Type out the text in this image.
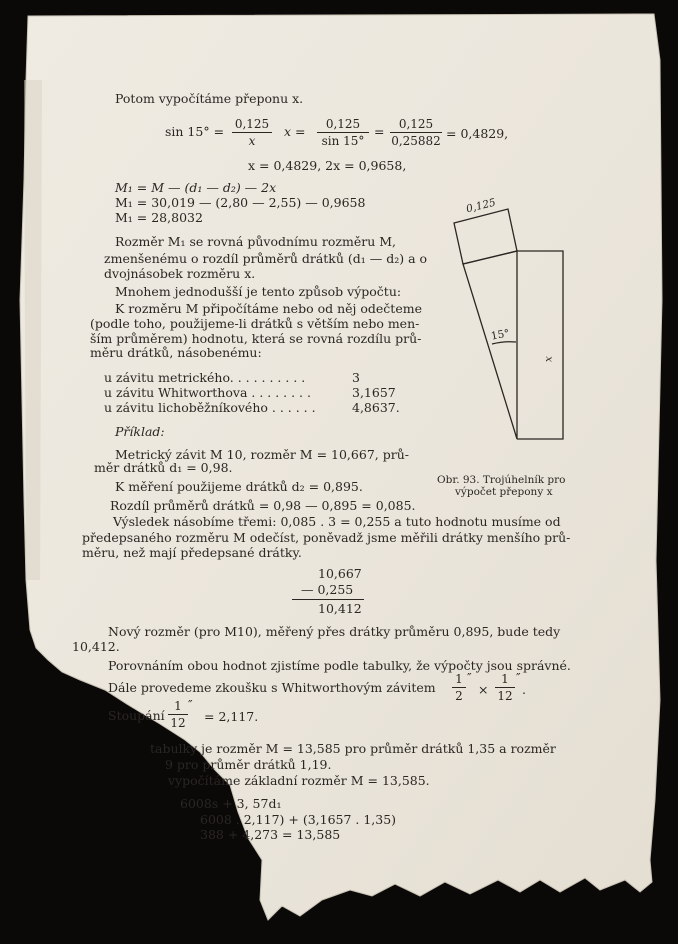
Potom vypočítáme přeponu x.
sin 15° = 0,125
x
x =	0,125
sin 15°
=	0,125
0,25882 = 0,4829,
x = 0,4829, 2x = 0,9658,
M₁ = M — (d₁ — d₂) — 2x
M₁ = 30,019 — (2,80 — 2,55) — 0,9658
M₁ = 28,8032
Rozměr M₁ se rovná původnímu rozměru M,
zmenšenému o rozdíl průměrů drátků (d₁ — d₂) a o
dvojnásobek rozměru x.
Mnohem jednodušší je tento způsob výpočtu:
K rozměru M připočítáme nebo od něj odečteme
(podle toho, použijeme-li drátků s větším nebo men-
ším průměrem) hodnotu, která se rovná rozdílu prů-
měru drátků, násobenému:
u závitu metrického. . . . . . . . . .	3
u závitu Whitworthova . . . . . . . .	3,1657
u závitu lichoběžníkového . . . . . .	4,8637.
Příklad:
Metrický závit M 10, rozměr M = 10,667, prů-
měr drátků d₁ = 0,98.
K měření použijeme drátků d₂ = 0,895.
Rozdíl průměrů drátků = 0,98 — 0,895 = 0,085.
Výsledek násobíme třemi: 0,085 . 3 = 0,255 a tuto hodnotu musíme od
předepsaného rozměru M odečíst, poněvadž jsme měřili drátky menšího prů-
měru, než mají předepsané drátky.
10,667
— 0,255
10,412
Nový rozměr (pro M10), měřený přes drátky průměru 0,895, bude tedy
10,412.
Porovnáním obou hodnot zjistíme podle tabulky, že výpočty jsou správné.
Dále provedeme zkoušku s Whitworthovým závitem
1
2
″
×
1
12
″
.
Stoupání
1
12
″
= 2,117.
tabulky je rozměr M = 13,585 pro průměr drátků 1,35 a rozměr
9 pro průměr drátků 1,19.
vypočítáme základní rozměr M = 13,585.
6008s + 3, 57d₁
6008 . 2,117) + (3,1657 . 1,35)
388 + 4,273 = 13,585
0,125
15°
x
Obr. 93. Trojúhelník pro
výpočet přepony x
